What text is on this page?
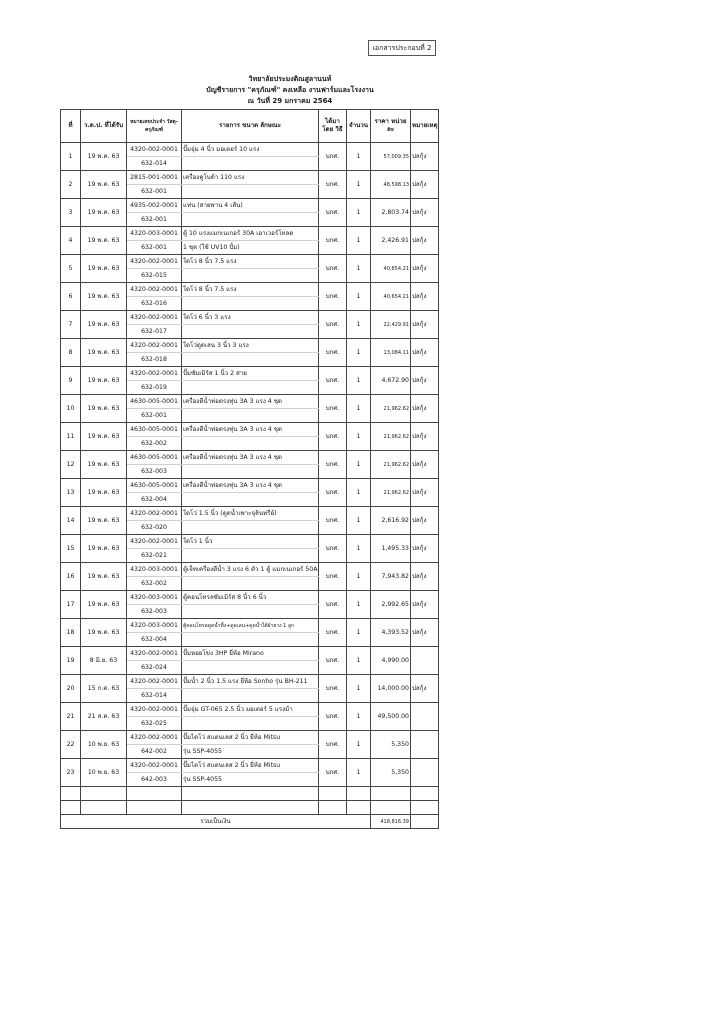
เอกสารประกอบที่ 2
วิทยาลัยประมงติณสูลานนท์
บัญชีรายการ "ครุภัณฑ์" คงเหลือ งานฟาร์มและโรงงาน
ณ วันที่ 29 มกราคม 2564
ที่	ว.ด.ป. ที่ได้รับ	หมายเลขประจำ วัสดุ-ครุภัณฑ์	รายการ ขนาด ลักษณะ	ได้มาโดย วิธี	จำนวน	ราคา หน่วยละ	หมายเหตุ
1	19 พ.ค. 63	4320-002-0001	ปั๊มจุ่ม 4 นิ้ว มอเตอร์ 10 แรง	บกศ.	1	57,009.35	ปลกุ้ง
		632-014					
2	19 พ.ค. 63	2815-001-0001	เครื่องคูโบต้า 110 แรง	บกศ.	1	48,598.13	ปลกุ้ง
		632-001					
3	19 พ.ค. 63	4935-002-0001	แท่น (สายพาน 4 เส้น)	บกศ.	1	2,803.74	ปลกุ้ง
		632-001					
4	19 พ.ค. 63	4320-003-0001	ตู้ 10 แรงแมกเนเกอร์ 30A เอาเวอร์โหลด	บกศ.	1	2,426.91	ปลกุ้ง
		632-001	1 ชุด (ใช้ UV10 ปั้ม)				
5	19 พ.ค. 63	4320-002-0001	ใดโว่ 8 นิ้ว 7.5 แรง	บกศ.	1	40,654.21	ปลกุ้ง
		632-015					
6	19 พ.ค. 63	4320-002-0001	ใดโว่ 8 นิ้ว 7.5 แรง	บกศ.	1	40,654.21	ปลกุ้ง
		632-016					
7	19 พ.ค. 63	4320-002-0001	ใดโว่ 6 นิ้ว 3 แรง	บกศ.	1	22,429.91	ปลกุ้ง
		632-017					
8	19 พ.ค. 63	4320-002-0001	ใดโว่ดูดเลน 3 นิ้ว 3 แรง	บกศ.	1	13,084.11	ปลกุ้ง
		632-018					
9	19 พ.ค. 63	4320-002-0001	ปั๊มซัมเมิร์ส 1 นิ้ว 2 สาย	บกศ.	1	4,672.90	ปลกุ้ง
		632-019					
10	19 พ.ค. 63	4630-005-0001	เครื่องตีน้ำท่อตรงทุ่น 3A 3 แรง 4 ชุด	บกศ.	1	21,962.62	ปลกุ้ง
		632-001					
11	19 พ.ค. 63	4630-005-0001	เครื่องตีน้ำท่อตรงทุ่น 3A 3 แรง 4 ชุด	บกศ.	1	21,962.62	ปลกุ้ง
		632-002					
12	19 พ.ค. 63	4630-005-0001	เครื่องตีน้ำท่อตรงทุ่น 3A 3 แรง 4 ชุด	บกศ.	1	21,962.62	ปลกุ้ง
		632-003					
13	19 พ.ค. 63	4630-005-0001	เครื่องตีน้ำท่อตรงทุ่น 3A 3 แรง 4 ชุด	บกศ.	1	21,962.62	ปลกุ้ง
		632-004					
14	19 พ.ค. 63	4320-002-0001	ใดโว่ 1.5 นิ้ว (ดูดน้ำเพาะจุลินทรีย์)	บกศ.	1	2,616.92	ปลกุ้ง
		632-020					
15	19 พ.ค. 63	4320-002-0001	ใดโว่ 1 นิ้ว	บกศ.	1	1,495.33	ปลกุ้ง
		632-021					
16	19 พ.ค. 63	4320-003-0001	ตู้เจ็ทเครื่องตีน้ำ 3 แรง 6 ตัว 1 ตู้ แมกเนเกอร์ 50A	บกศ.	1	7,943.82	ปลกุ้ง
		632-002					
17	19 พ.ค. 63	4320-003-0001	ตู้คอนโทรลซัมเมิร์ส 8 นิ้ว 6 นิ้ว	บกศ.	1	2,992.65	ปลกุ้ง
		632-003					
18	19 พ.ค. 63	4320-003-0001	ตู้คอนโทรลดูดน้ำทิ้ง+ดูดเลน+ดูดน้ำใต้ผ้ายาง 1 ลูก	บกศ.	1	4,393.52	ปลกุ้ง
		632-004					
19	8 มิ.ย. 63	4320-002-0001	ปั๊มหอยโข่ง 3HP ยี่ห้อ Mirano	บกศ.	1	4,990.00	
		632-024					
20	15 ก.ค. 63	4320-002-0001	ปั๊มน้ำ 2 นิ้ว 1.5 แรง ยี่ห้อ Sonho รุ่น BH-211	บกศ.	1	14,000.00	ปลกุ้ง
		632-014					
21	21 ส.ค. 63	4320-002-0001	ปั๊มจุ่ม GT-065 2.5 นิ้ว มอเตอร์ 5 แรงม้า	บกศ.	1	49,500.00	
		632-025					
22	10 พ.ย. 63	4320-002-0001	ปั๊มไดโว่ สแตนเลส 2 นิ้ว ยี่ห้อ Mitsu	บกศ.	1	5,350	
		642-002	รุ่น SSP-4055				
23	10 พ.ย. 63	4320-002-0001	ปั๊มไดโว่ สแตนเลส 2 นิ้ว ยี่ห้อ Mitsu	บกศ.	1	5,350	
		642-003	รุ่น SSP-4055				

รวมเป็นเงิน						418,816.39	
